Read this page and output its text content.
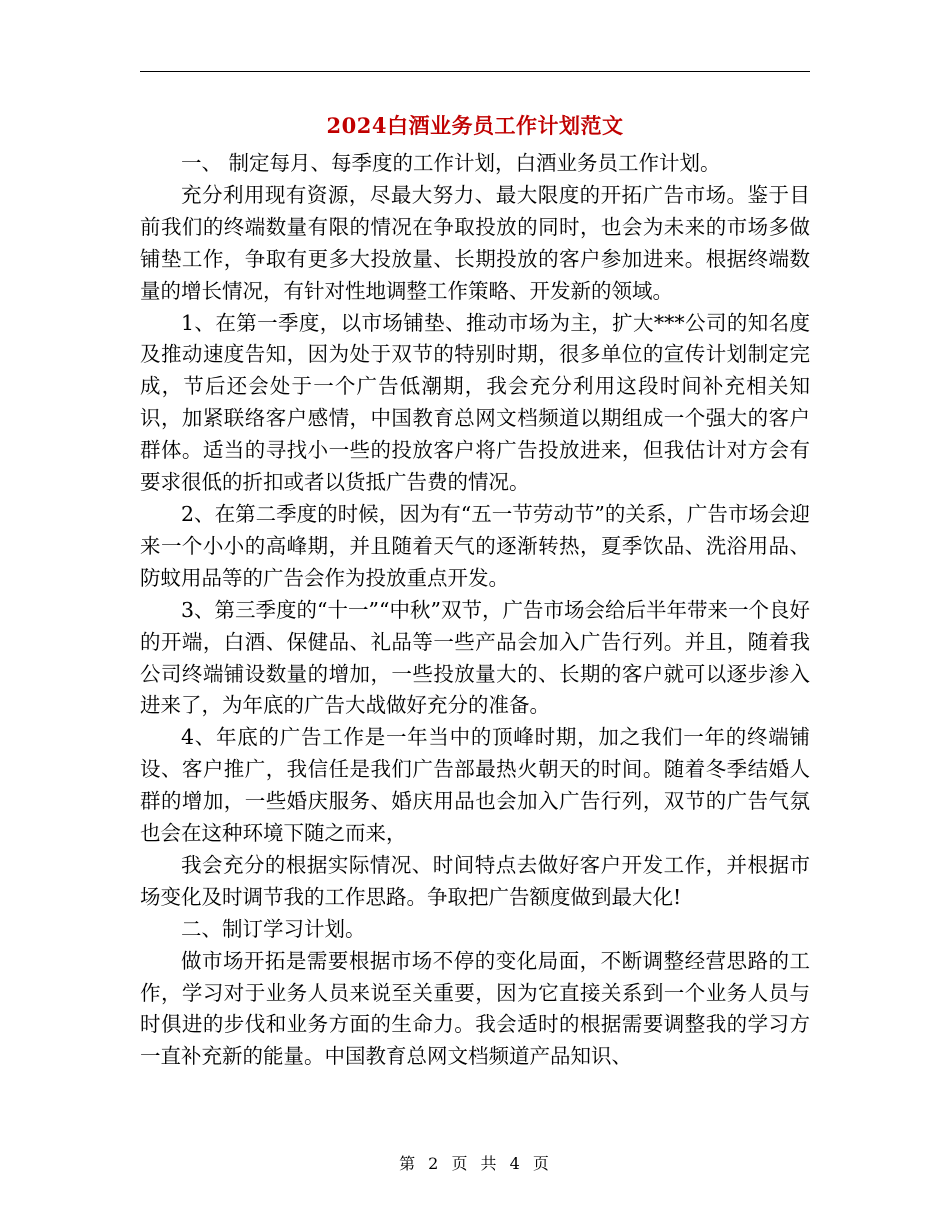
2024白酒业务员工作计划范文

一、 制定每月、每季度的工作计划，白酒业务员工作计划。

充分利用现有资源，尽最大努力、最大限度的开拓广告市场。鉴于目前我们的终端数量有限的情况在争取投放的同时，也会为未来的市场多做铺垫工作，争取有更多大投放量、长期投放的客户参加进来。根据终端数量的增长情况，有针对性地调整工作策略、开发新的领域。

1、在第一季度，以市场铺垫、推动市场为主，扩大***公司的知名度及推动速度告知，因为处于双节的特别时期，很多单位的宣传计划制定完成，节后还会处于一个广告低潮期，我会充分利用这段时间补充相关知识，加紧联络客户感情，中国教育总网文档频道以期组成一个强大的客户群体。适当的寻找小一些的投放客户将广告投放进来，但我估计对方会有要求很低的折扣或者以货抵广告费的情况。

2、在第二季度的时候，因为有“五一节劳动节”的关系，广告市场会迎来一个小小的高峰期，并且随着天气的逐渐转热，夏季饮品、洗浴用品、防蚊用品等的广告会作为投放重点开发。

3、第三季度的“十一”“中秋”双节，广告市场会给后半年带来一个良好的开端，白酒、保健品、礼品等一些产品会加入广告行列。并且，随着我公司终端铺设数量的增加，一些投放量大的、长期的客户就可以逐步渗入进来了，为年底的广告大战做好充分的准备。

4、年底的广告工作是一年当中的顶峰时期，加之我们一年的终端铺设、客户推广，我信任是我们广告部最热火朝天的时间。随着冬季结婚人群的增加，一些婚庆服务、婚庆用品也会加入广告行列，双节的广告气氛也会在这种环境下随之而来，

我会充分的根据实际情况、时间特点去做好客户开发工作，并根据市场变化及时调节我的工作思路。争取把广告额度做到最大化!

二、制订学习计划。

做市场开拓是需要根据市场不停的变化局面，不断调整经营思路的工作，学习对于业务人员来说至关重要，因为它直接关系到一个业务人员与时俱进的步伐和业务方面的生命力。我会适时的根据需要调整我的学习方一直补充新的能量。中国教育总网文档频道产品知识、

第 2 页 共 4 页
